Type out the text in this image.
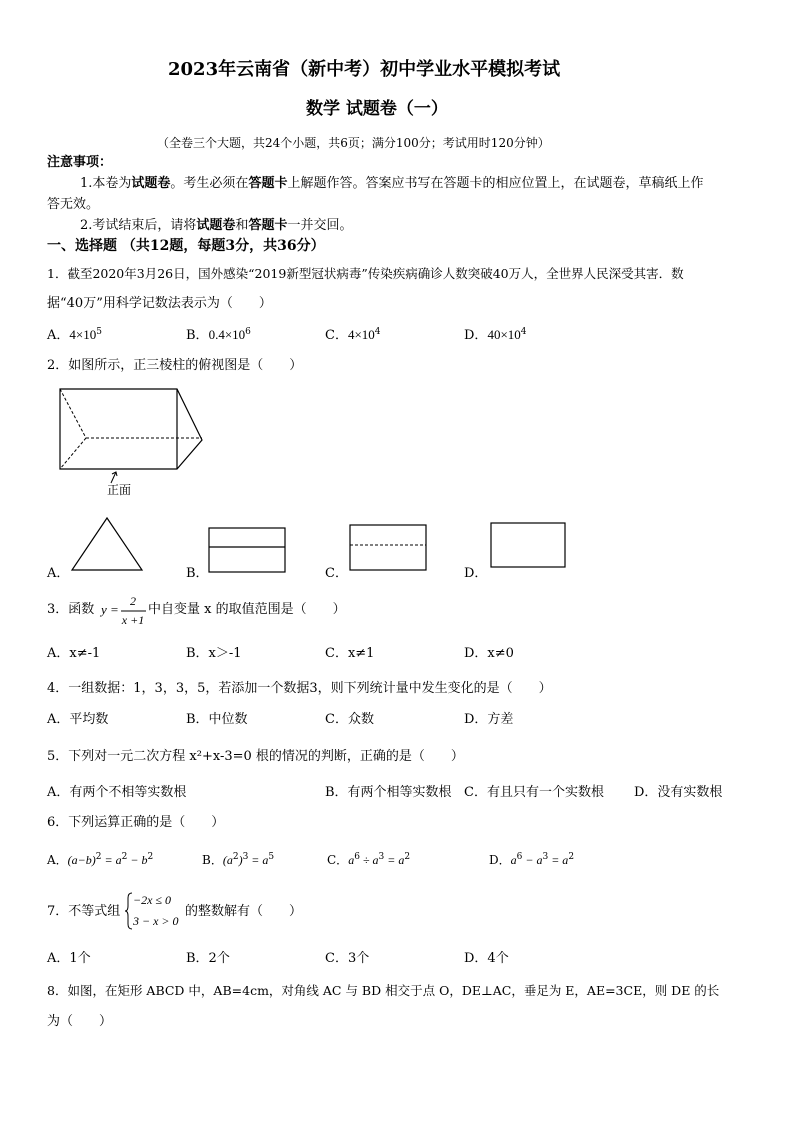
2023年云南省（新中考）初中学业水平模拟考试
数学 试题卷（一）
（全卷三个大题，共24个小题，共6页；满分100分；考试用时120分钟）
注意事项：
1.本卷为试题卷。考生必须在答题卡上解题作答。答案应书写在答题卡的相应位置上，在试题卷，草稿纸上作
答无效。
2.考试结束后，请将试题卷和答题卡一并交回。
一、选择题 （共12题，每题3分，共36分）
1．截至2020年3月26日，国外感染“2019新型冠状病毒”传染疾病确诊人数突破40万人，全世界人民深受其害．数
据“40万”用科学记数法表示为（　　）
A．$4\times 10^5$	B．$0.4\times 10^6$	C．$4\times 10^4$	D．$40\times 10^4$
2．如图所示，正三棱柱的俯视图是（　　）
正面
A．	B．	C．	D．
3．函数 y =
2
x +1
中自变量 x 的取值范围是（　　）
A．x≠-1	B．x＞-1	C．x≠1	D．x≠0
4．一组数据：1，3，3，5，若添加一个数据3，则下列统计量中发生变化的是（　　）
A．平均数	B．中位数	C．众数	D．方差
5．下列对一元二次方程 x²+x-3=0 根的情况的判断，正确的是（　　）
A．有两个不相等实数根	B．有两个相等实数根 C．有且只有一个实数根 D．没有实数根
6．下列运算正确的是（　　）
A．$(a-b)^2 = a^2 - b^2$	B．$(a^2)^3 = a^5$	C．$a^6 \div a^3 = a^2$	D．$a^6 - a^3 = a^2$
7．不等式组
−2x ≤ 0
3 − x > 0
的整数解有（　　）
A．1个	B．2个	C．3个	D．4个
8．如图，在矩形 ABCD 中，AB=4cm，对角线 AC 与 BD 相交于点 O，DE⊥AC，垂足为 E，AE=3CE，则 DE 的长
为（　　）
